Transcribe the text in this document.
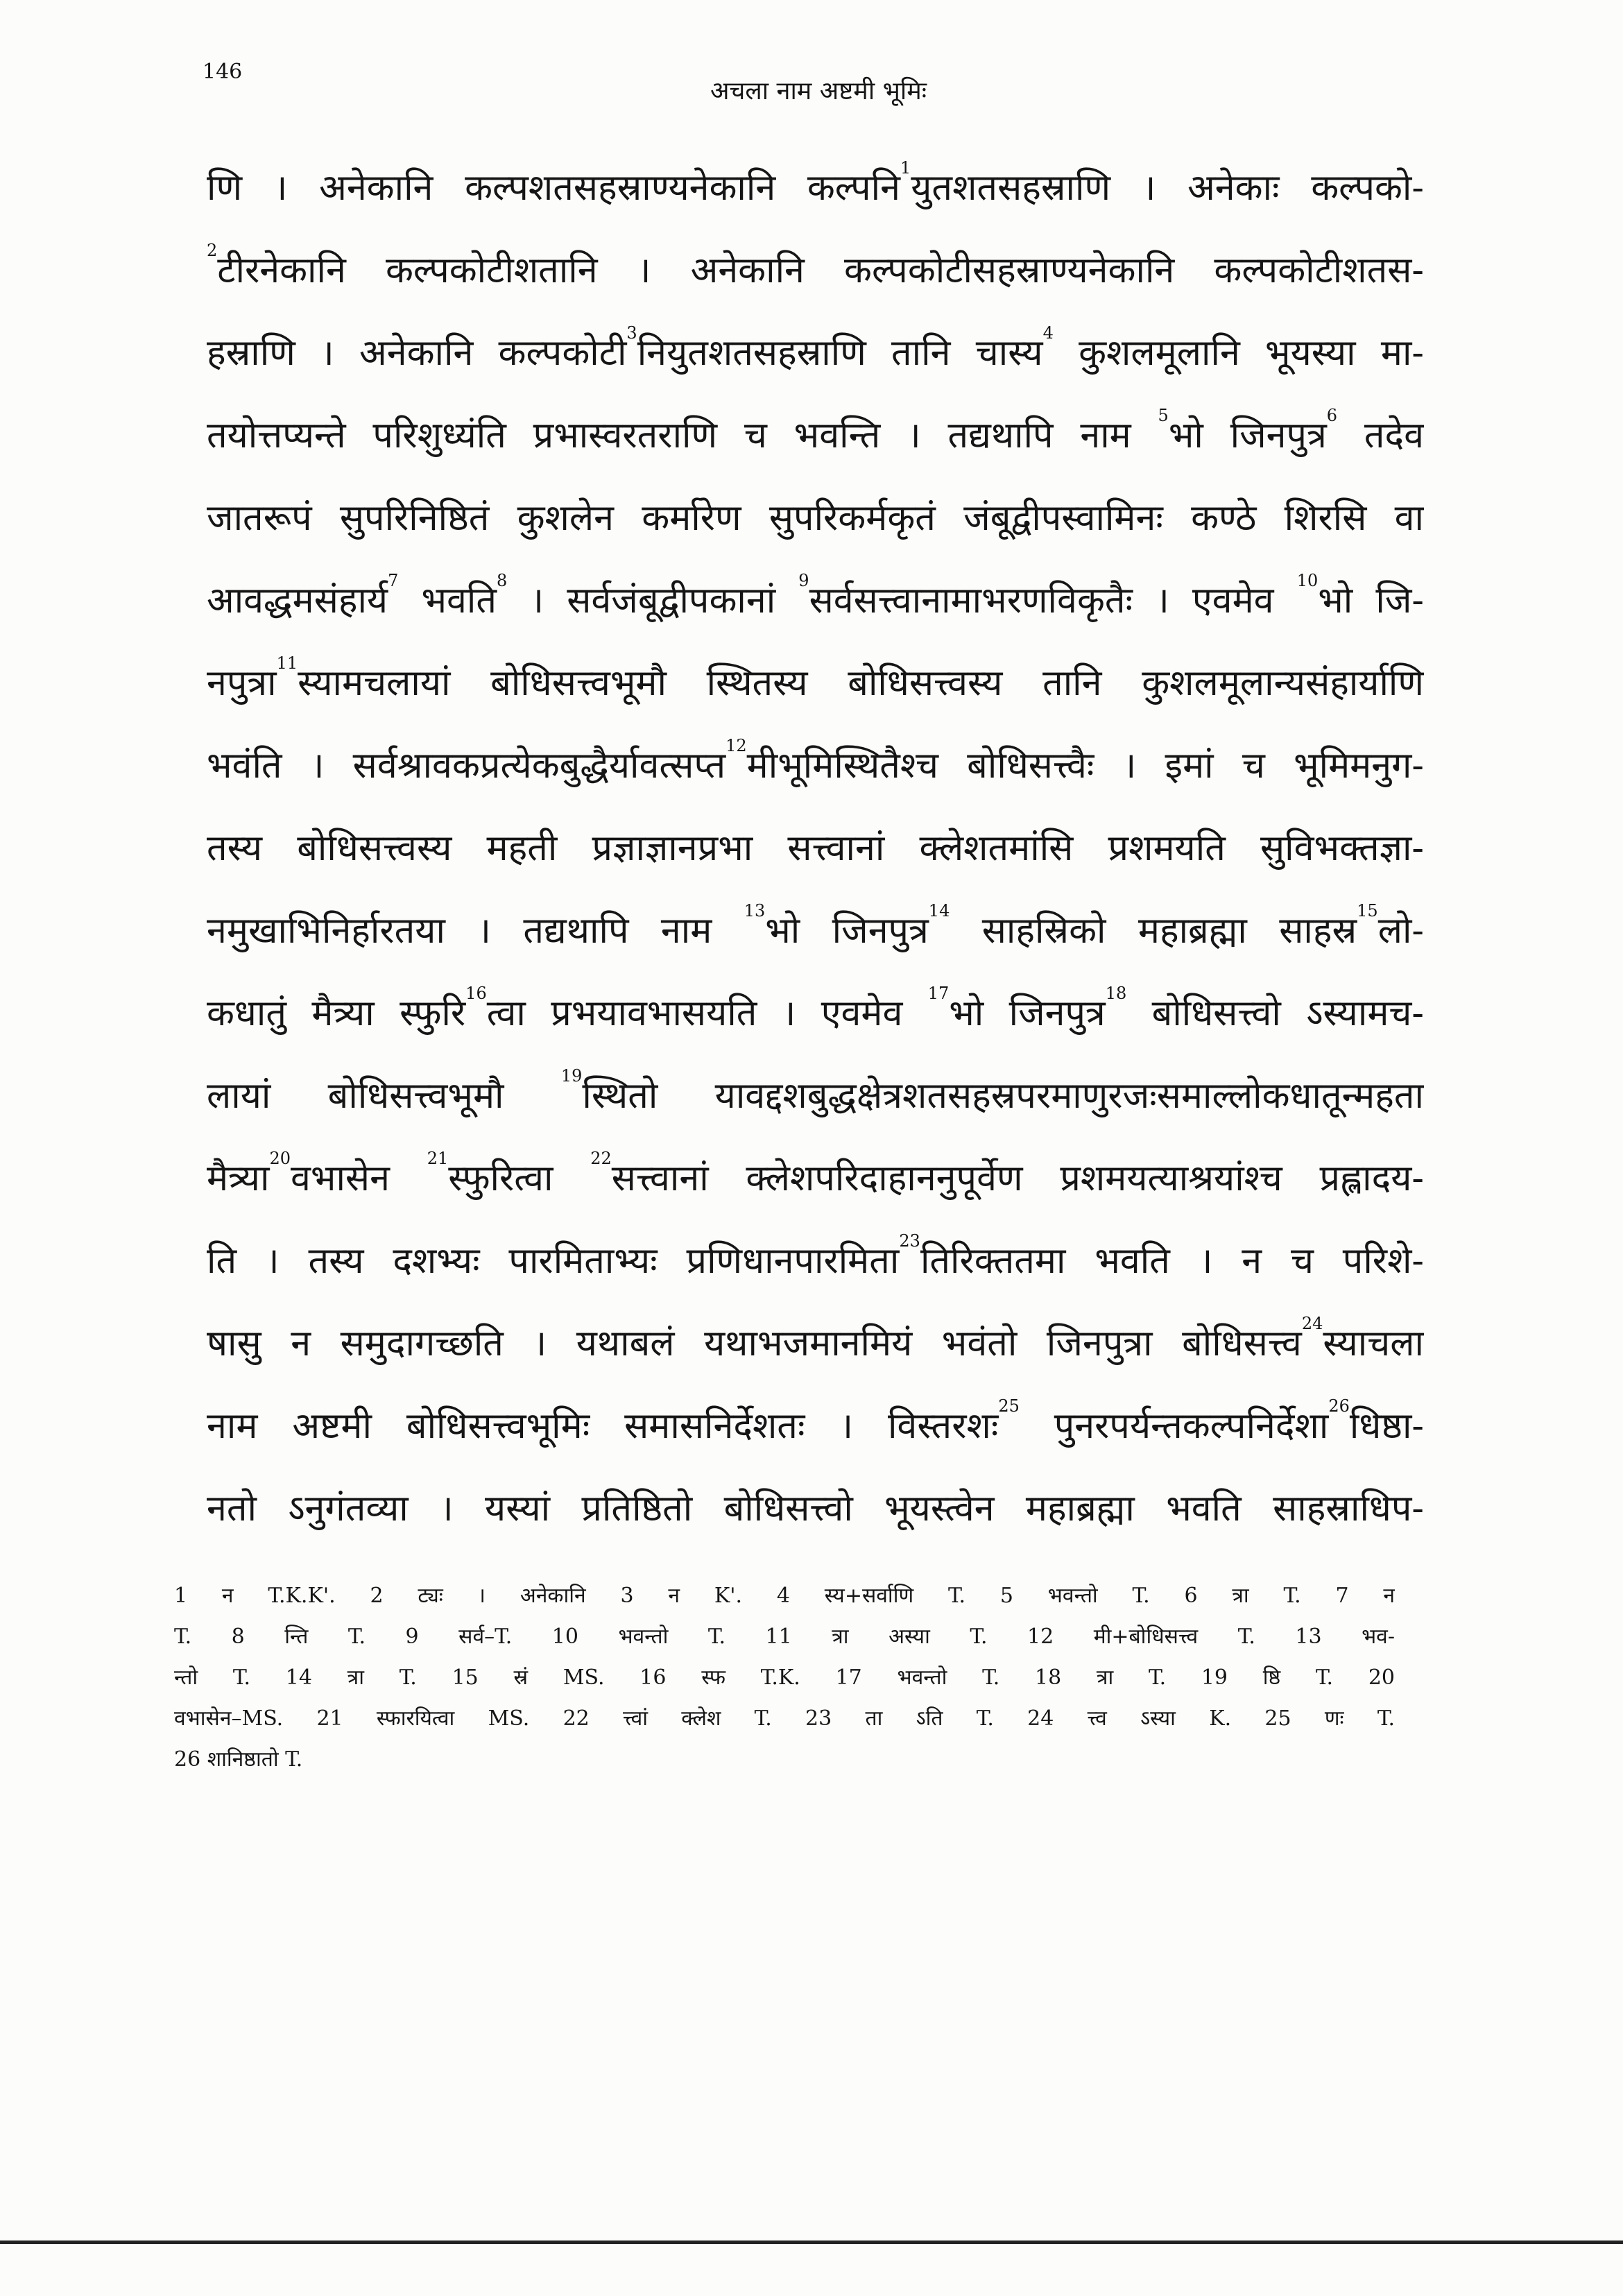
146
अचला नाम अष्टमी भूमिः
णि । अनेकानि कल्पशतसहस्राण्यनेकानि कल्पनि$^1$युतशतसहस्राणि । अनेकाः कल्पको-
$^2$टीरनेकानि कल्पकोटीशतानि । अनेकानि कल्पकोटीसहस्राण्यनेकानि कल्पकोटीशतस-
हस्राणि । अनेकानि कल्पकोटी$^3$नियुतशतसहस्राणि तानि चास्य$^4$ कुशलमूलानि भूयस्या मा-
तयोत्तप्यन्ते परिशुध्यंति प्रभास्वरतराणि च भवन्ति । तद्यथापि नाम $^5$भो जिनपुत्र$^6$ तदेव
जातरूपं सुपरिनिष्ठितं कुशलेन कर्मारेण सुपरिकर्मकृतं जंबूद्वीपस्वामिनः कण्ठे शिरसि वा
आवद्धमसंहार्य$^7$ भवति$^8$ । सर्वजंबूद्वीपकानां $^9$सर्वसत्त्वानामाभरणविकृतैः । एवमेव $^{10}$भो जि-
नपुत्रा$^{11}$स्यामचलायां बोधिसत्त्वभूमौ स्थितस्य बोधिसत्त्वस्य तानि कुशलमूलान्यसंहार्याणि
भवंति । सर्वश्रावकप्रत्येकबुद्धैर्यावत्सप्त$^{12}$मीभूमिस्थितैश्च बोधिसत्त्वैः । इमां च भूमिमनुग-
तस्य बोधिसत्त्वस्य महती प्रज्ञाज्ञानप्रभा सत्त्वानां क्लेशतमांसि प्रशमयति सुविभक्तज्ञा-
नमुखाभिनिर्हारतया । तद्यथापि नाम $^{13}$भो जिनपुत्र$^{14}$ साहस्रिको महाब्रह्मा साहस्र$^{15}$लो-
कधातुं मैत्र्या स्फुरि$^{16}$त्वा प्रभयावभासयति । एवमेव $^{17}$भो जिनपुत्र$^{18}$ बोधिसत्त्वो ऽस्यामच-
लायां बोधिसत्त्वभूमौ $^{19}$स्थितो यावद्दशबुद्धक्षेत्रशतसहस्रपरमाणुरजःसमाल्लोकधातून्महता
मैत्र्या$^{20}$वभासेन $^{21}$स्फुरित्वा $^{22}$सत्त्वानां क्लेशपरिदाहाननुपूर्वेण प्रशमयत्याश्रयांश्च प्रह्लादय-
ति । तस्य दशभ्यः पारमिताभ्यः प्रणिधानपारमिता$^{23}$तिरिक्ततमा भवति । न च परिशे-
षासु न समुदागच्छति । यथाबलं यथाभजमानमियं भवंतो जिनपुत्रा बोधिसत्त्व$^{24}$स्याचला
नाम अष्टमी बोधिसत्त्वभूमिः समासनिर्देशतः । विस्तरशः$^{25}$ पुनरपर्यन्तकल्पनिर्देशा$^{26}$धिष्ठा-
नतो ऽनुगंतव्या । यस्यां प्रतिष्ठितो बोधिसत्त्वो भूयस्त्वेन महाब्रह्मा भवति साहस्राधिप-
1 न T.K.K'. 2 ट्यः । अनेकानि 3 न K'. 4 स्य+सर्वाणि T. 5 भवन्तो T. 6 त्रा T. 7 न
T. 8 न्ति T. 9 सर्व–T. 10 भवन्तो T. 11 त्रा अस्या T. 12 मी+बोधिसत्त्व T. 13 भव-
न्तो T. 14 त्रा T. 15 स्रं MS. 16 स्फ T.K. 17 भवन्तो T. 18 त्रा T. 19 ष्ठि T. 20
वभासेन–MS. 21 स्फारयित्वा MS. 22 त्त्वां क्लेश T. 23 ता ऽति T. 24 त्त्व ऽस्या K. 25 णः T.
26 शानिष्ठातो T.
